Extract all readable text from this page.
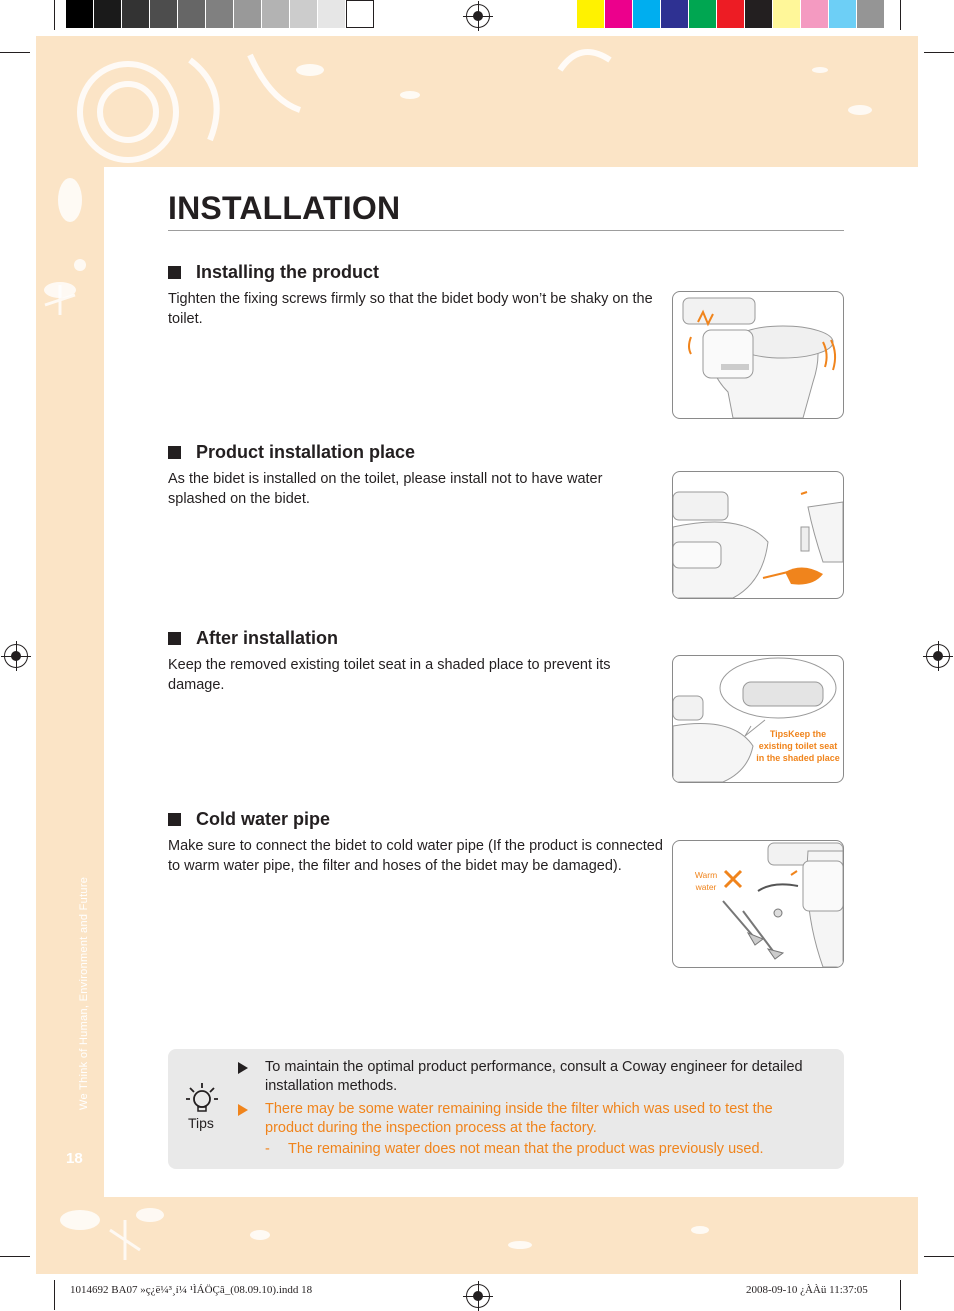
We Think of Human, Environment and Future
18
INSTALLATION
Installing the product

Tighten the fixing screws firmly so that the bidet body won’t be shaky on the toilet.

Product installation place

As the bidet is installed on the toilet, please install not to have water splashed on the bidet.

After installation

Keep the removed existing toilet seat in a shaded place to prevent its damage.

TipsKeep the existing toilet seat in the shaded place
Cold water pipe

Make sure to connect the bidet to cold water pipe (If the product is connected to warm water pipe, the filter and hoses of the bidet may be damaged).

Warm water
Tips
To maintain the optimal product performance, consult a Coway engineer for detailed installation methods.
There may be some water remaining inside the filter which was used to test the product during the inspection process at the factory.
- The remaining water does not mean that the product was previously used.
1014692 BA07 »ç¿ë¼³¸í¼ ¹ÌÁÖÇâ_(08.09.10).indd 18	2008-09-10 ¿ÀÀü 11:37:05
